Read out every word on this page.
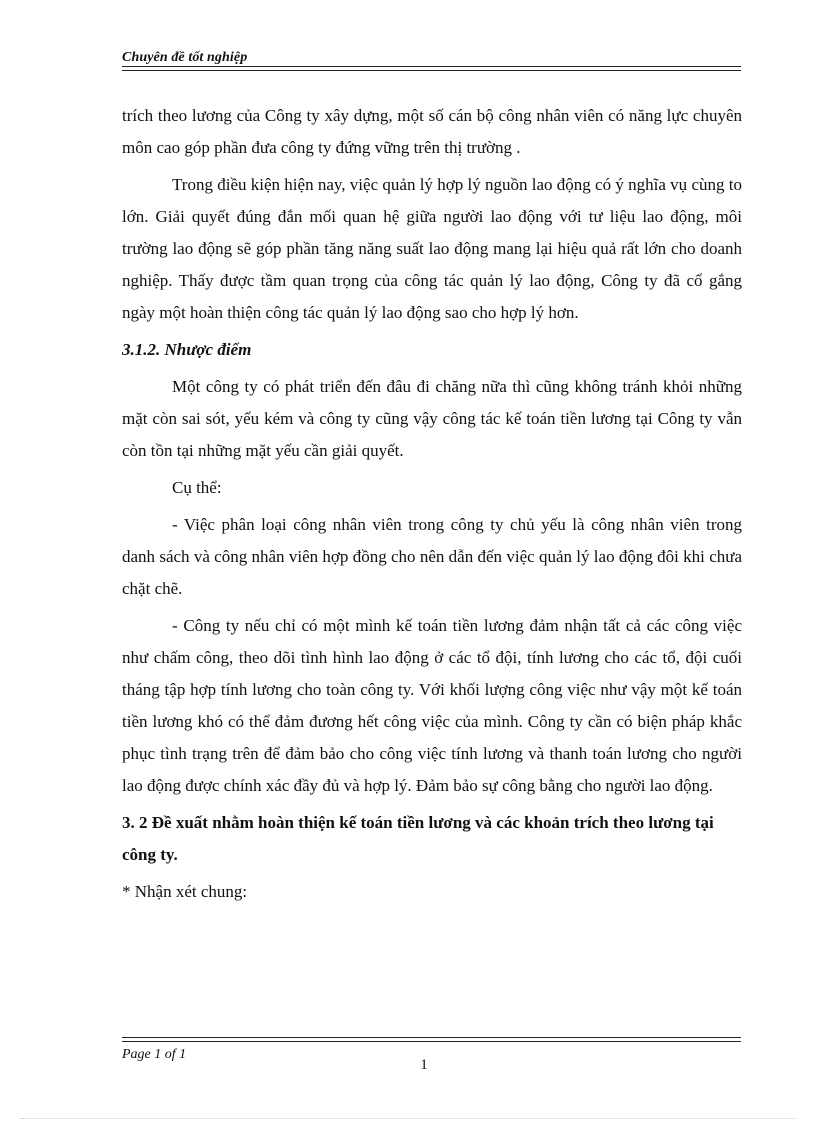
Chuyên đề tốt nghiệp

trích theo lương của Công ty xây dựng, một số cán bộ công nhân viên có năng lực chuyên môn cao góp phần đưa công ty đứng vững trên thị trường .

Trong điều kiện hiện nay, việc quản lý hợp lý nguồn lao động có ý nghĩa vụ cùng to lớn. Giải quyết đúng đắn mối quan hệ giữa người lao động với tư liệu lao động, môi trường lao động sẽ góp phần tăng năng suất lao động mang lại hiệu quả rất lớn cho doanh nghiệp. Thấy được tầm quan trọng của công tác quản lý lao động, Công ty đã cố gắng ngày một hoàn thiện công tác quản lý lao động sao cho hợp lý hơn.

3.1.2. Nhược điểm

Một công ty có phát triển đến đâu đi chăng nữa thì cũng không tránh khỏi những mặt còn sai sót, yếu kém và công ty cũng vậy công tác kế toán tiền lương tại Công ty vẫn còn tồn tại những mặt yếu cần giải quyết.

Cụ thể:

- Việc phân loại công nhân viên trong công ty chủ yếu là công nhân viên trong danh sách và công nhân viên hợp đồng cho nên dẫn đến việc quản lý lao động đôi khi chưa chặt chẽ.

- Công ty nếu chỉ có một mình kế toán tiền lương đảm nhận tất cả các công việc như chấm công, theo dõi tình hình lao động ở các tổ đội, tính lương cho các tổ, đội cuối tháng tập hợp tính lương cho toàn công ty. Với khối lượng công việc như vậy một kế toán tiền lương khó có thể đảm đương hết công việc của mình. Công ty cần có biện pháp khắc phục tình trạng trên để đảm bảo cho công việc tính lương và thanh toán lương cho người lao động được chính xác đầy đủ và hợp lý. Đảm bảo sự công bằng cho người lao động.

3. 2 Đề xuất nhằm hoàn thiện kế toán tiền lương và các khoản trích theo lương tại công ty.

* Nhận xét chung:

Page 1 of 1
1
